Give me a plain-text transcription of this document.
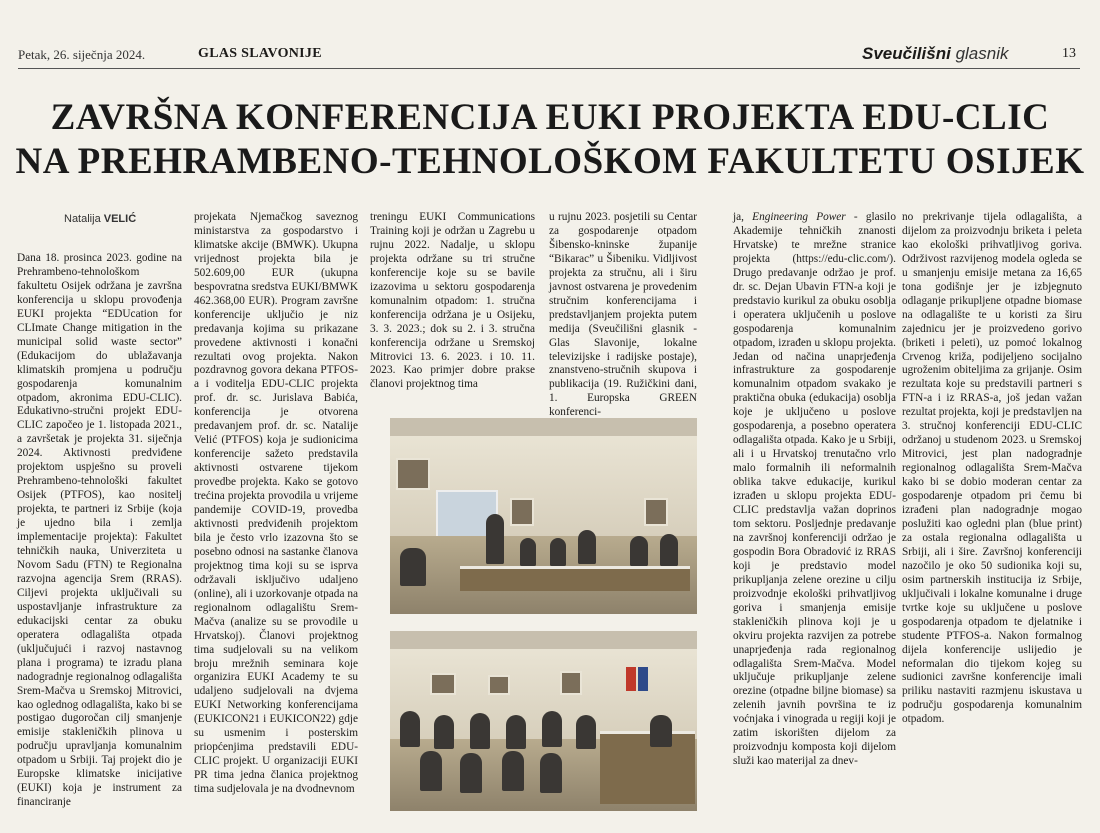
Petak, 26. siječnja 2024.	GLAS SLAVONIJE	Sveučilišni glasnik	13
ZAVRŠNA KONFERENCIJA EUKI PROJEKTA EDU-CLIC
NA PREHRAMBENO-TEHNOLOŠKOM FAKULTETU OSIJEK
Natalija VELIĆ

Dana 18. prosinca 2023. godine na Prehrambeno-tehnološkom fakultetu Osijek održana je završna konferencija u sklopu provođenja EUKI projekta “EDUcation for CLImate Change mitigation in the municipal solid waste sector” (Edukacijom do ublažavanja klimatskih promjena u području gospodarenja komunalnim otpadom, akronima EDU-CLIC). Edukativno-stručni projekt EDU-CLIC započeo je 1. listopada 2021., a završetak je projekta 31. siječnja 2024. Aktivnosti predviđene projektom uspješno su proveli Prehrambeno-tehnološki fakultet Osijek (PTFOS), kao nositelj projekta, te partneri iz Srbije (koja je ujedno bila i zemlja implementacije projekta): Fakultet tehničkih nauka, Univerziteta u Novom Sadu (FTN) te Regionalna razvojna agencija Srem (RRAS). Ciljevi projekta uključivali su uspostavljanje infrastrukture za edukacijski centar za obuku operatera odlagališta otpada (uključujući i razvoj nastavnog plana i programa) te izradu plana nadogradnje regionalnog odlagališta Srem-Mačva u Sremskoj Mitrovici, kao oglednog odlagališta, kako bi se postigao dugoročan cilj smanjenje emisije stakleničkih plinova u području upravljanja komunalnim otpadom u Srbiji. Taj projekt dio je Europske klimatske inicijative (EUKI) koja je instrument za financiranje

projekata Njemačkog saveznog ministarstva za gospodarstvo i klimatske akcije (BMWK). Ukupna vrijednost projekta bila je 502.609,00 EUR (ukupna bespovratna sredstva EUKI/BMWK 462.368,00 EUR). Program završne konferencije uključio je niz predavanja kojima su prikazane provedene aktivnosti i konačni rezultati ovog projekta. Nakon pozdravnog govora dekana PTFOS-a i voditelja EDU-CLIC projekta prof. dr. sc. Jurislava Babića, konferencija je otvorena predavanjem prof. dr. sc. Natalije Velić (PTFOS) koja je sudionicima konferencije sažeto predstavila aktivnosti ostvarene tijekom provedbe projekta. Kako se gotovo trećina projekta provodila u vrijeme pandemije COVID-19, provedba aktivnosti predviđenih projektom bila je često vrlo izazovna što se posebno odnosi na sastanke članova projektnog tima koji su se isprva održavali isključivo udaljeno (online), ali i uzorkovanje otpada na regionalnom odlagalištu Srem-Mačva (analize su se provodile u Hrvatskoj). Članovi projektnog tima sudjelovali su na velikom broju mrežnih seminara koje organizira EUKI Academy te su udaljeno sudjelovali na dvjema EUKI Networking konferencijama (EUKICON21 i EUKICON22) gdje su usmenim i posterskim priopćenjima predstavili EDU-CLIC projekt. U organizaciji EUKI PR tima jedna članica projektnog tima sudjelovala je na dvodnevnom

treningu EUKI Communications Training koji je održan u Zagrebu u rujnu 2022. Nadalje, u sklopu projekta održane su tri stručne konferencije koje su se bavile izazovima u sektoru gospodarenja komunalnim otpadom: 1. stručna konferencija održana je u Osijeku, 3. 3. 2023.; dok su 2. i 3. stručna konferencija održane u Sremskoj Mitrovici 13. 6. 2023. i 10. 11. 2023. Kao primjer dobre prakse članovi projektnog tima

u rujnu 2023. posjetili su Centar za gospodarenje otpadom Šibensko-kninske županije “Bikarac” u Šibeniku. Vidljivost projekta za stručnu, ali i širu javnost ostvarena je provedenim stručnim konferencijama i predstavljanjem projekta putem medija (Sveučilišni glasnik - Glas Slavonije, lokalne televizijske i radijske postaje), znanstveno-stručnih skupova i publikacija (19. Ružičkini dani, 1. Europska GREEN konferenci-

ja, Engineering Power - glasilo Akademije tehničkih znanosti Hrvatske) te mrežne stranice projekta (https://edu-clic.com/). Drugo predavanje održao je prof. dr. sc. Dejan Ubavin FTN-a koji je predstavio kurikul za obuku osoblja i operatera uključenih u poslove gospodarenja komunalnim otpadom, izrađen u sklopu projekta. Jedan od načina unaprjeđenja infrastrukture za gospodarenje komunalnim otpadom svakako je praktična obuka (edukacija) osoblja koje je uključeno u poslove gospodarenja, a posebno operatera odlagališta otpada. Kako je u Srbiji, ali i u Hrvatskoj trenutačno vrlo malo formalnih ili neformalnih oblika takve edukacije, kurikul izrađen u sklopu projekta EDU-CLIC predstavlja važan doprinos tom sektoru. Posljednje predavanje na završnoj konferenciji održao je gospodin Bora Obradović iz RRAS koji je predstavio model prikupljanja zelene orezine u cilju proizvodnje ekološki prihvatljivog goriva i smanjenja emisije stakleničkih plinova koji je u okviru projekta razvijen za potrebe unaprjeđenja rada regionalnog odlagališta Srem-Mačva. Model uključuje prikupljanje zelene orezine (otpadne biljne biomase) sa zelenih javnih površina te iz voćnjaka i vinograda u regiji koji je zatim iskorišten dijelom za proizvodnju komposta koji dijelom služi kao materijal za dnev-

no prekrivanje tijela odlagališta, a dijelom za proizvodnju briketa i peleta kao ekološki prihvatljivog goriva. Održivost razvijenog modela ogleda se u smanjenju emisije metana za 16,65 tona godišnje jer je izbjegnuto odlaganje prikupljene otpadne biomase na odlagalište te u koristi za širu zajednicu jer je proizvedeno gorivo (briketi i peleti), uz pomoć lokalnog Crvenog križa, podijeljeno socijalno ugroženim obiteljima za grijanje. Osim rezultata koje su predstavili partneri s FTN-a i iz RRAS-a, još jedan važan rezultat projekta, koji je predstavljen na 3. stručnoj konferenciji EDU-CLIC održanoj u studenom 2023. u Sremskoj Mitrovici, jest plan nadogradnje regionalnog odlagališta Srem-Mačva kako bi se dobio moderan centar za gospodarenje otpadom pri čemu bi izrađeni plan nadogradnje mogao poslužiti kao ogledni plan (blue print) za ostala regionalna odlagališta u Srbiji, ali i šire. Završnoj konferenciji nazočilo je oko 50 sudionika koji su, osim partnerskih institucija iz Srbije, uključivali i lokalne komunalne i druge tvrtke koje su uključene u poslove gospodarenja otpadom te djelatnike i studente PTFOS-a. Nakon formalnog dijela konferencije uslijedio je neformalan dio tijekom kojeg su sudionici završne konferencije imali priliku nastaviti razmjenu iskustava u području gospodarenja komunalnim otpadom.
